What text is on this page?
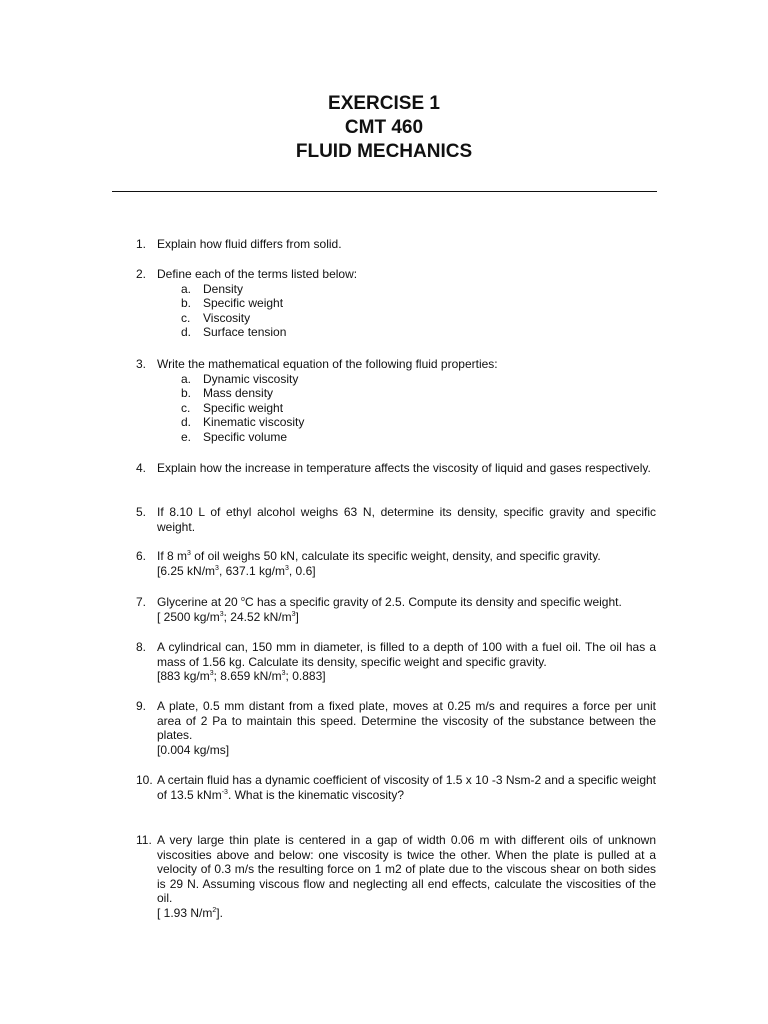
EXERCISE 1
CMT 460
FLUID MECHANICS
1. Explain how fluid differs from solid.
2. Define each of the terms listed below:
a. Density
b. Specific weight
c. Viscosity
d. Surface tension
3. Write the mathematical equation of the following fluid properties:
a. Dynamic viscosity
b. Mass density
c. Specific weight
d. Kinematic viscosity
e. Specific volume
4. Explain how the increase in temperature affects the viscosity of liquid and gases respectively.
5. If 8.10 L of ethyl alcohol weighs 63 N, determine its density, specific gravity and specific weight.
6. If 8 $m^3$ of oil weighs 50 kN, calculate its specific weight, density, and specific gravity.
[6.25 $kN/m^3$, 637.1 $kg/m^3$, 0.6]
7. Glycerine at 20 $^o$C has a specific gravity of 2.5. Compute its density and specific weight.
[ 2500 $kg/m^3$; 24.52 $kN/m^3$]
8. A cylindrical can, 150 mm in diameter, is filled to a depth of 100 with a fuel oil. The oil has a mass of 1.56 kg. Calculate its density, specific weight and specific gravity.
[883 $kg/m^3$; 8.659 $kN/m^3$; 0.883]
9. A plate, 0.5 mm distant from a fixed plate, moves at 0.25 m/s and requires a force per unit area of 2 Pa to maintain this speed. Determine the viscosity of the substance between the plates.
[0.004 kg/ms]
10. A certain fluid has a dynamic coefficient of viscosity of 1.5 x 10 -3 Nsm-2 and a specific weight of 13.5 kNm$^{-3}$. What is the kinematic viscosity?
11. A very large thin plate is centered in a gap of width 0.06 m with different oils of unknown viscosities above and below: one viscosity is twice the other. When the plate is pulled at a velocity of 0.3 m/s the resulting force on 1 m2 of plate due to the viscous shear on both sides is 29 N. Assuming viscous flow and neglecting all end effects, calculate the viscosities of the oil.
[ 1.93 $N/m^2$].
